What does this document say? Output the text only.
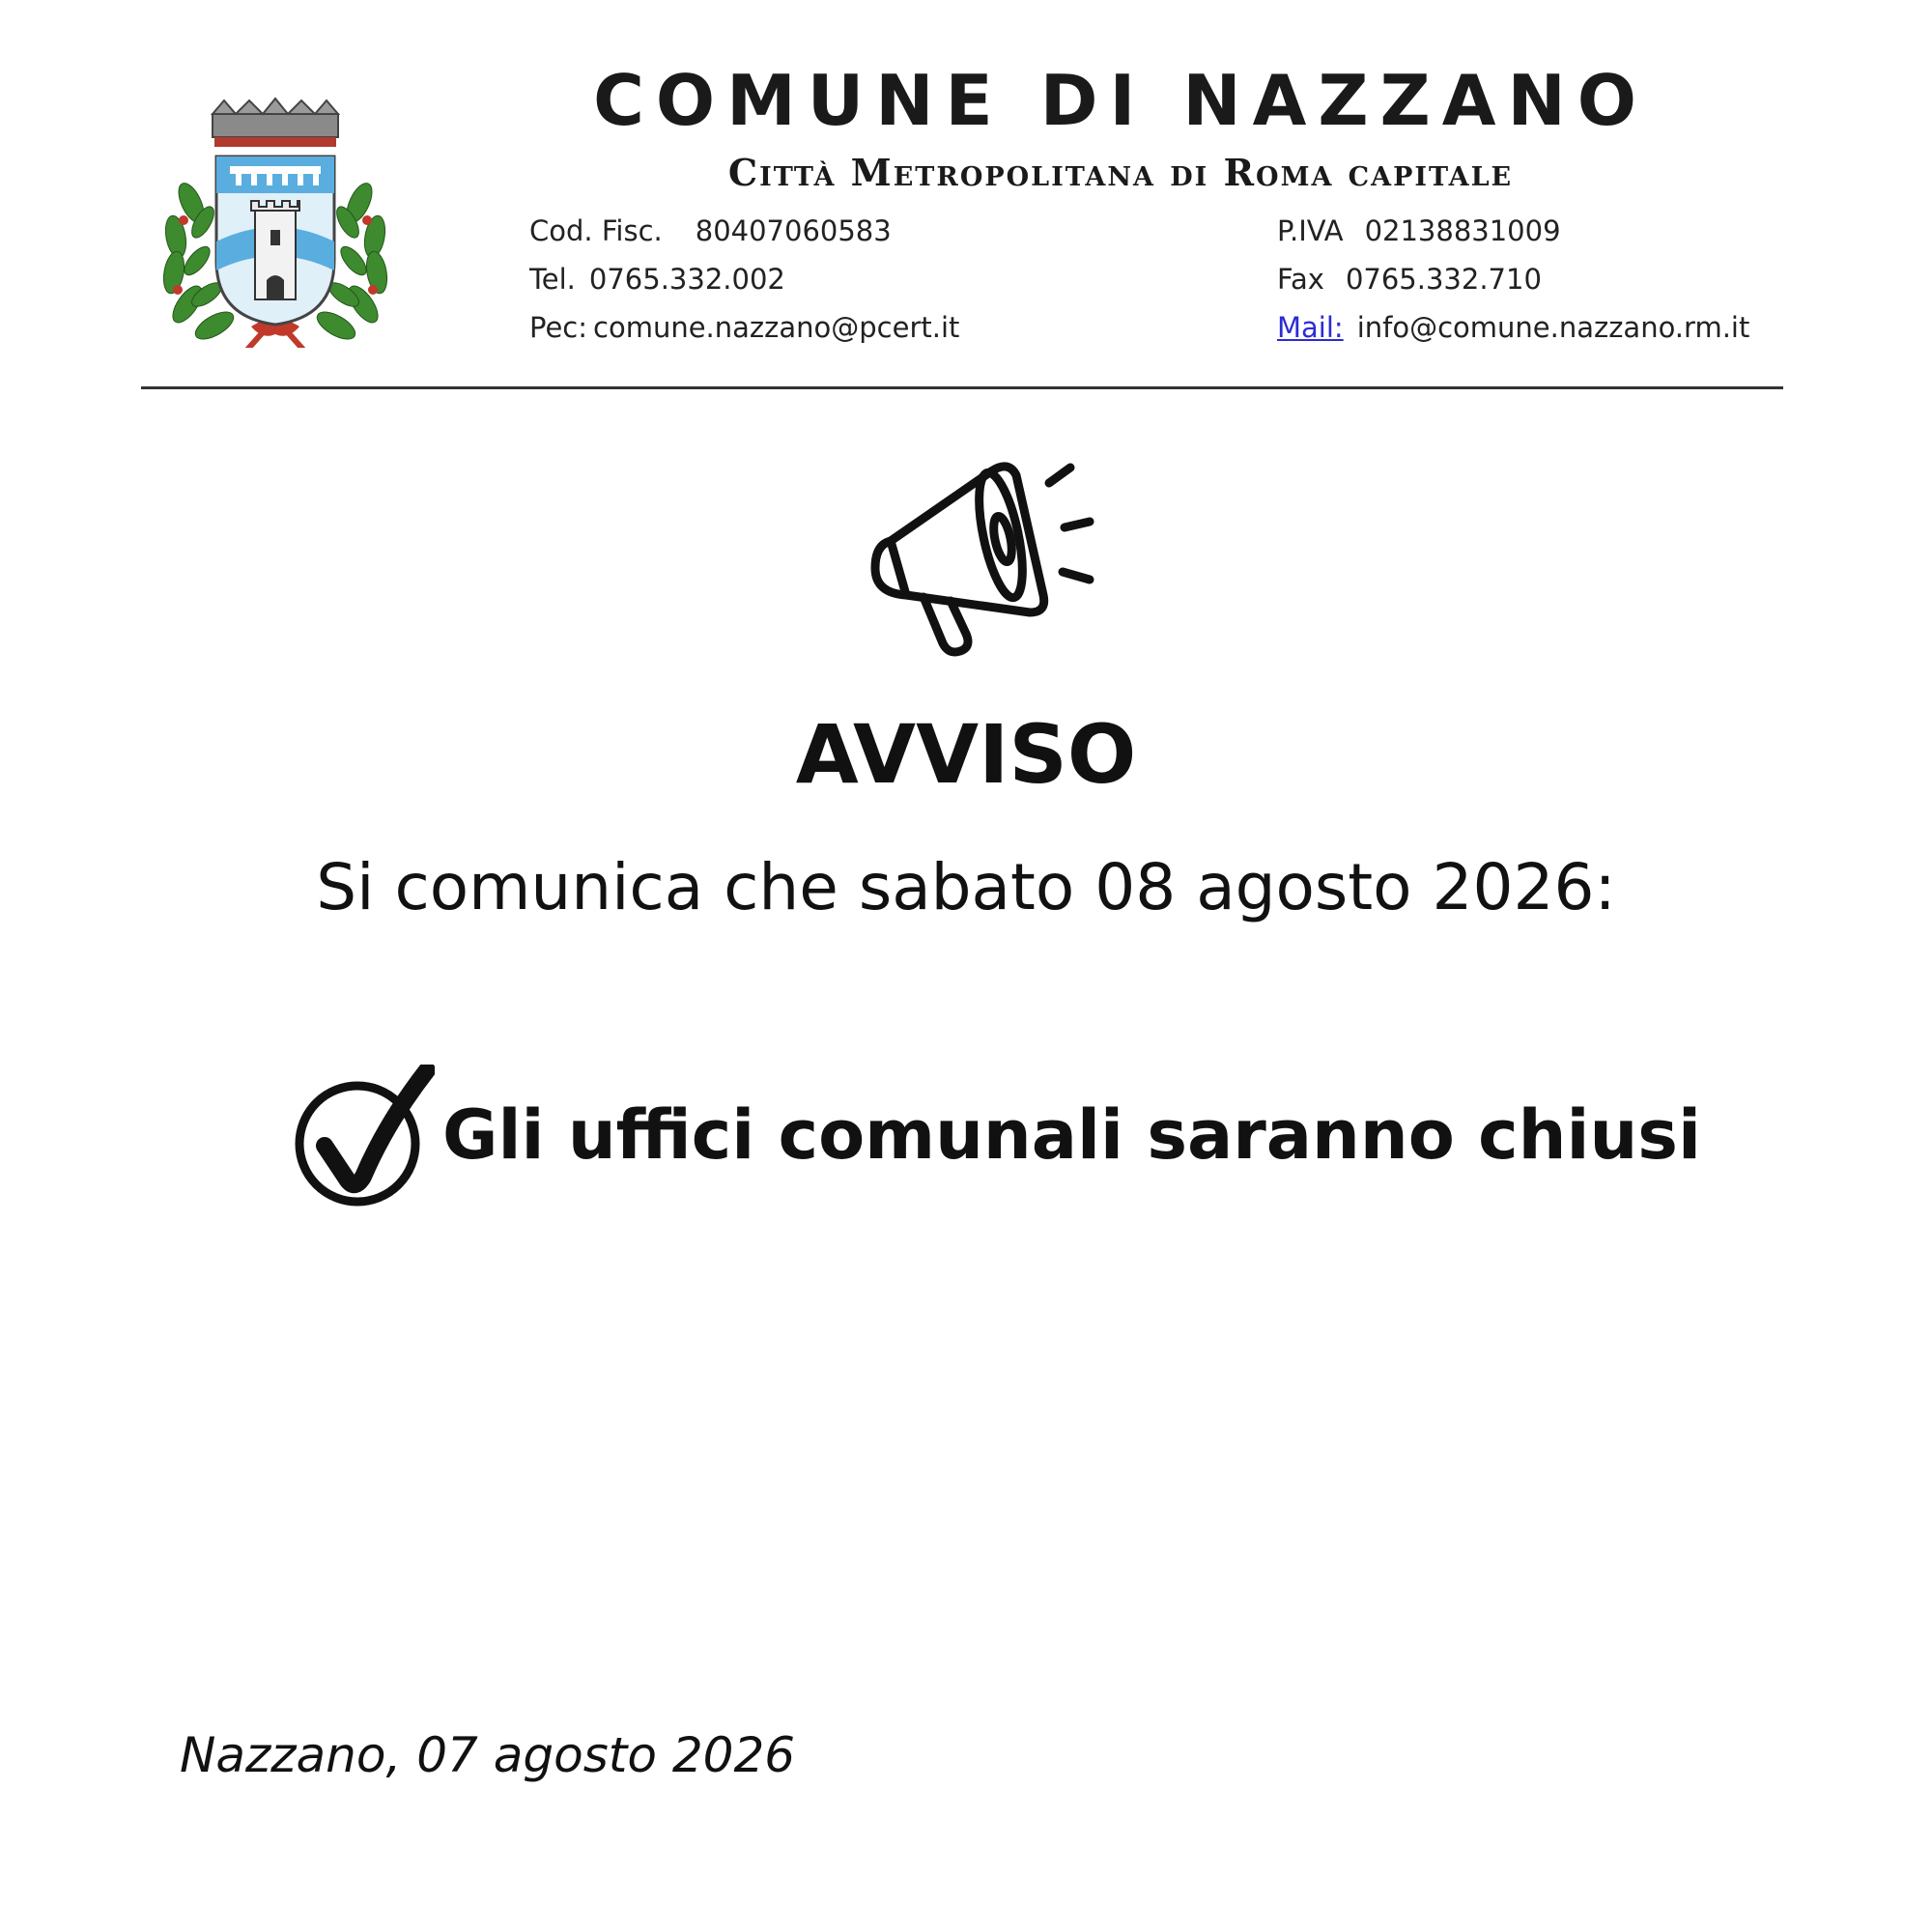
COMUNE DI NAZZANO
Città Metropolitana di Roma capitale
Cod. Fisc. 80407060583
Tel. 0765.332.002
Pec: comune.nazzano@pcert.it
P.IVA 02138831009
Fax 0765.332.710
Mail: info@comune.nazzano.rm.it
AVVISO
Si comunica che sabato 08 agosto 2026:
Gli uffici comunali saranno chiusi
Nazzano, 07 agosto 2026
